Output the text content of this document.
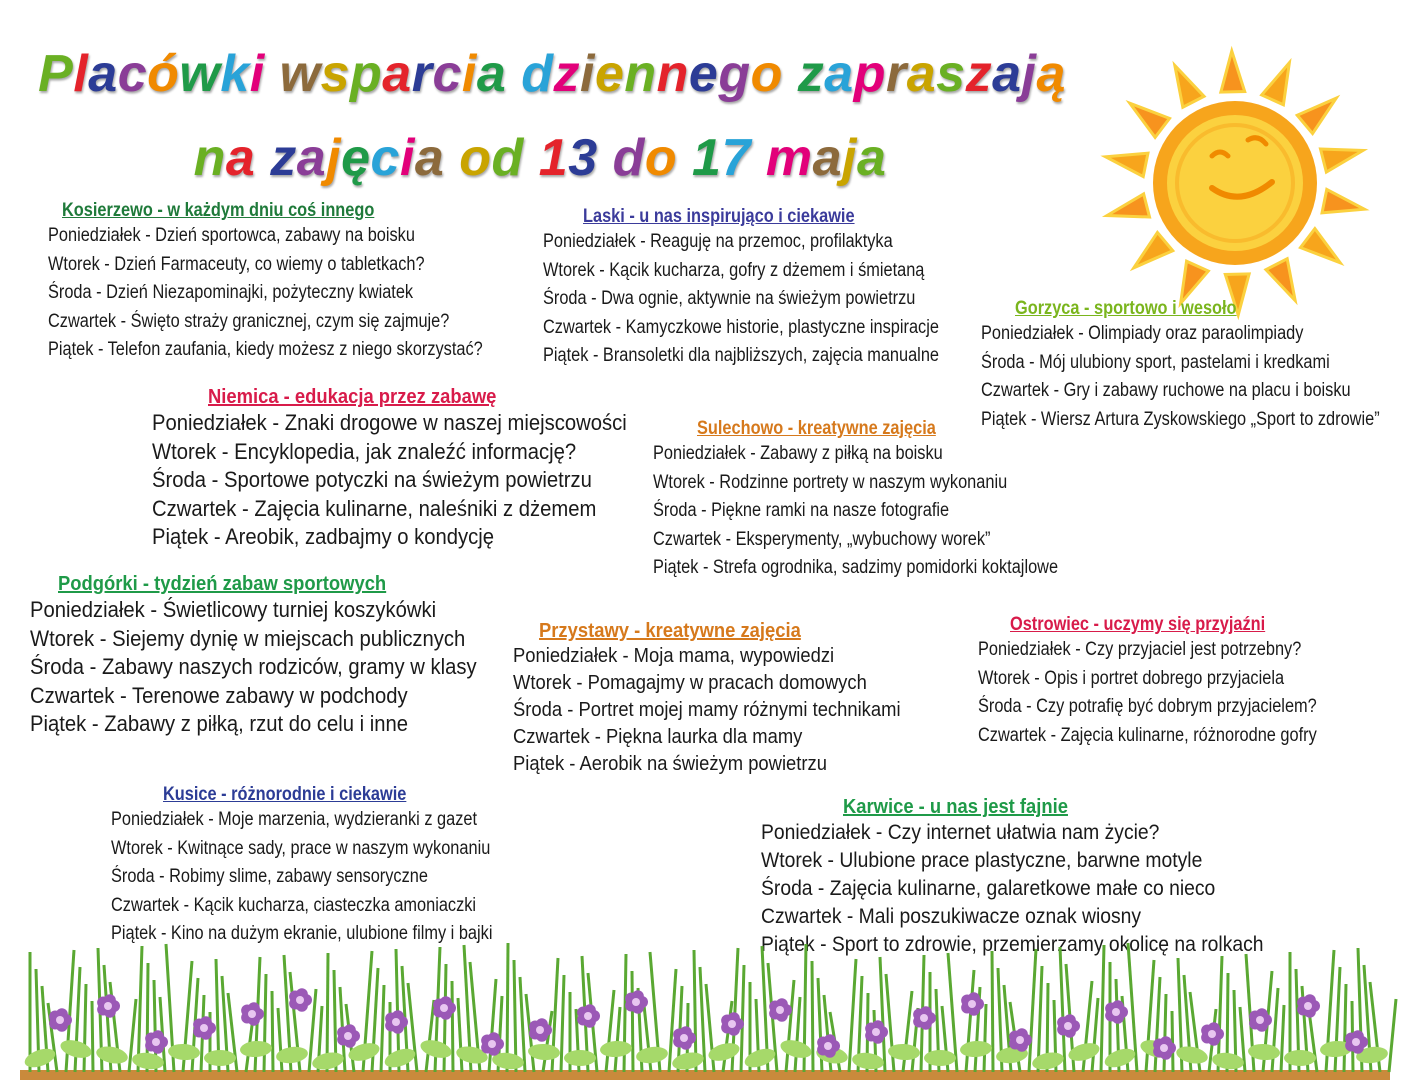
Placówki wsparcia dziennego zapraszają
na zajęcia od 13 do 17 maja
Kosierzewo - w każdym dniu coś innego
Poniedziałek - Dzień sportowca, zabawy na boisku
Wtorek - Dzień Farmaceuty, co wiemy o tabletkach?
Środa - Dzień Niezapominajki, pożyteczny kwiatek
Czwartek - Święto straży granicznej, czym się zajmuje?
Piątek - Telefon zaufania, kiedy możesz z niego skorzystać?
Laski - u nas inspirująco i ciekawie
Poniedziałek - Reaguję na przemoc, profilaktyka
Wtorek - Kącik kucharza, gofry z dżemem i śmietaną
Środa - Dwa ognie, aktywnie na świeżym powietrzu
Czwartek - Kamyczkowe historie, plastyczne inspiracje
Piątek - Bransoletki dla najbliższych, zajęcia manualne
Gorzyca - sportowo i wesoło
Poniedziałek - Olimpiady oraz paraolimpiady
Środa - Mój ulubiony sport, pastelami i kredkami
Czwartek - Gry i zabawy ruchowe na placu i boisku
Piątek - Wiersz Artura Zyskowskiego „Sport to zdrowie”
Niemica - edukacja przez zabawę
Poniedziałek - Znaki drogowe w naszej miejscowości
Wtorek - Encyklopedia, jak znaleźć informację?
Środa - Sportowe potyczki na świeżym powietrzu
Czwartek - Zajęcia kulinarne, naleśniki z dżemem
Piątek - Areobik, zadbajmy o kondycję
Sulechowo - kreatywne zajęcia
Poniedziałek - Zabawy z piłką na boisku
Wtorek - Rodzinne portrety w naszym wykonaniu
Środa - Piękne ramki na nasze fotografie
Czwartek - Eksperymenty, „wybuchowy worek”
Piątek - Strefa ogrodnika, sadzimy pomidorki koktajlowe
Podgórki - tydzień zabaw sportowych
Poniedziałek - Świetlicowy turniej koszykówki
Wtorek - Siejemy dynię w miejscach publicznych
Środa - Zabawy naszych rodziców, gramy w klasy
Czwartek - Terenowe zabawy w podchody
Piątek - Zabawy z piłką, rzut do celu i inne
Przystawy - kreatywne zajęcia
Poniedziałek - Moja mama, wypowiedzi
Wtorek - Pomagajmy w pracach domowych
Środa - Portret mojej mamy różnymi technikami
Czwartek - Piękna laurka dla mamy
Piątek - Aerobik na świeżym powietrzu
Ostrowiec - uczymy się przyjaźni
Poniedziałek - Czy przyjaciel jest potrzebny?
Wtorek - Opis i portret dobrego przyjaciela
Środa - Czy potrafię być dobrym przyjacielem?
Czwartek - Zajęcia kulinarne, różnorodne gofry
Kusice - różnorodnie i ciekawie
Poniedziałek - Moje marzenia, wydzieranki z gazet
Wtorek - Kwitnące sady, prace w naszym wykonaniu
Środa - Robimy slime, zabawy sensoryczne
Czwartek - Kącik kucharza, ciasteczka amoniaczki
Piątek - Kino na dużym ekranie, ulubione filmy i bajki
Karwice - u nas jest fajnie
Poniedziałek - Czy internet ułatwia nam życie?
Wtorek - Ulubione prace plastyczne, barwne motyle
Środa - Zajęcia kulinarne, galaretkowe małe co nieco
Czwartek - Mali poszukiwacze oznak wiosny
Piątek - Sport to zdrowie, przemierzamy okolicę na rolkach
